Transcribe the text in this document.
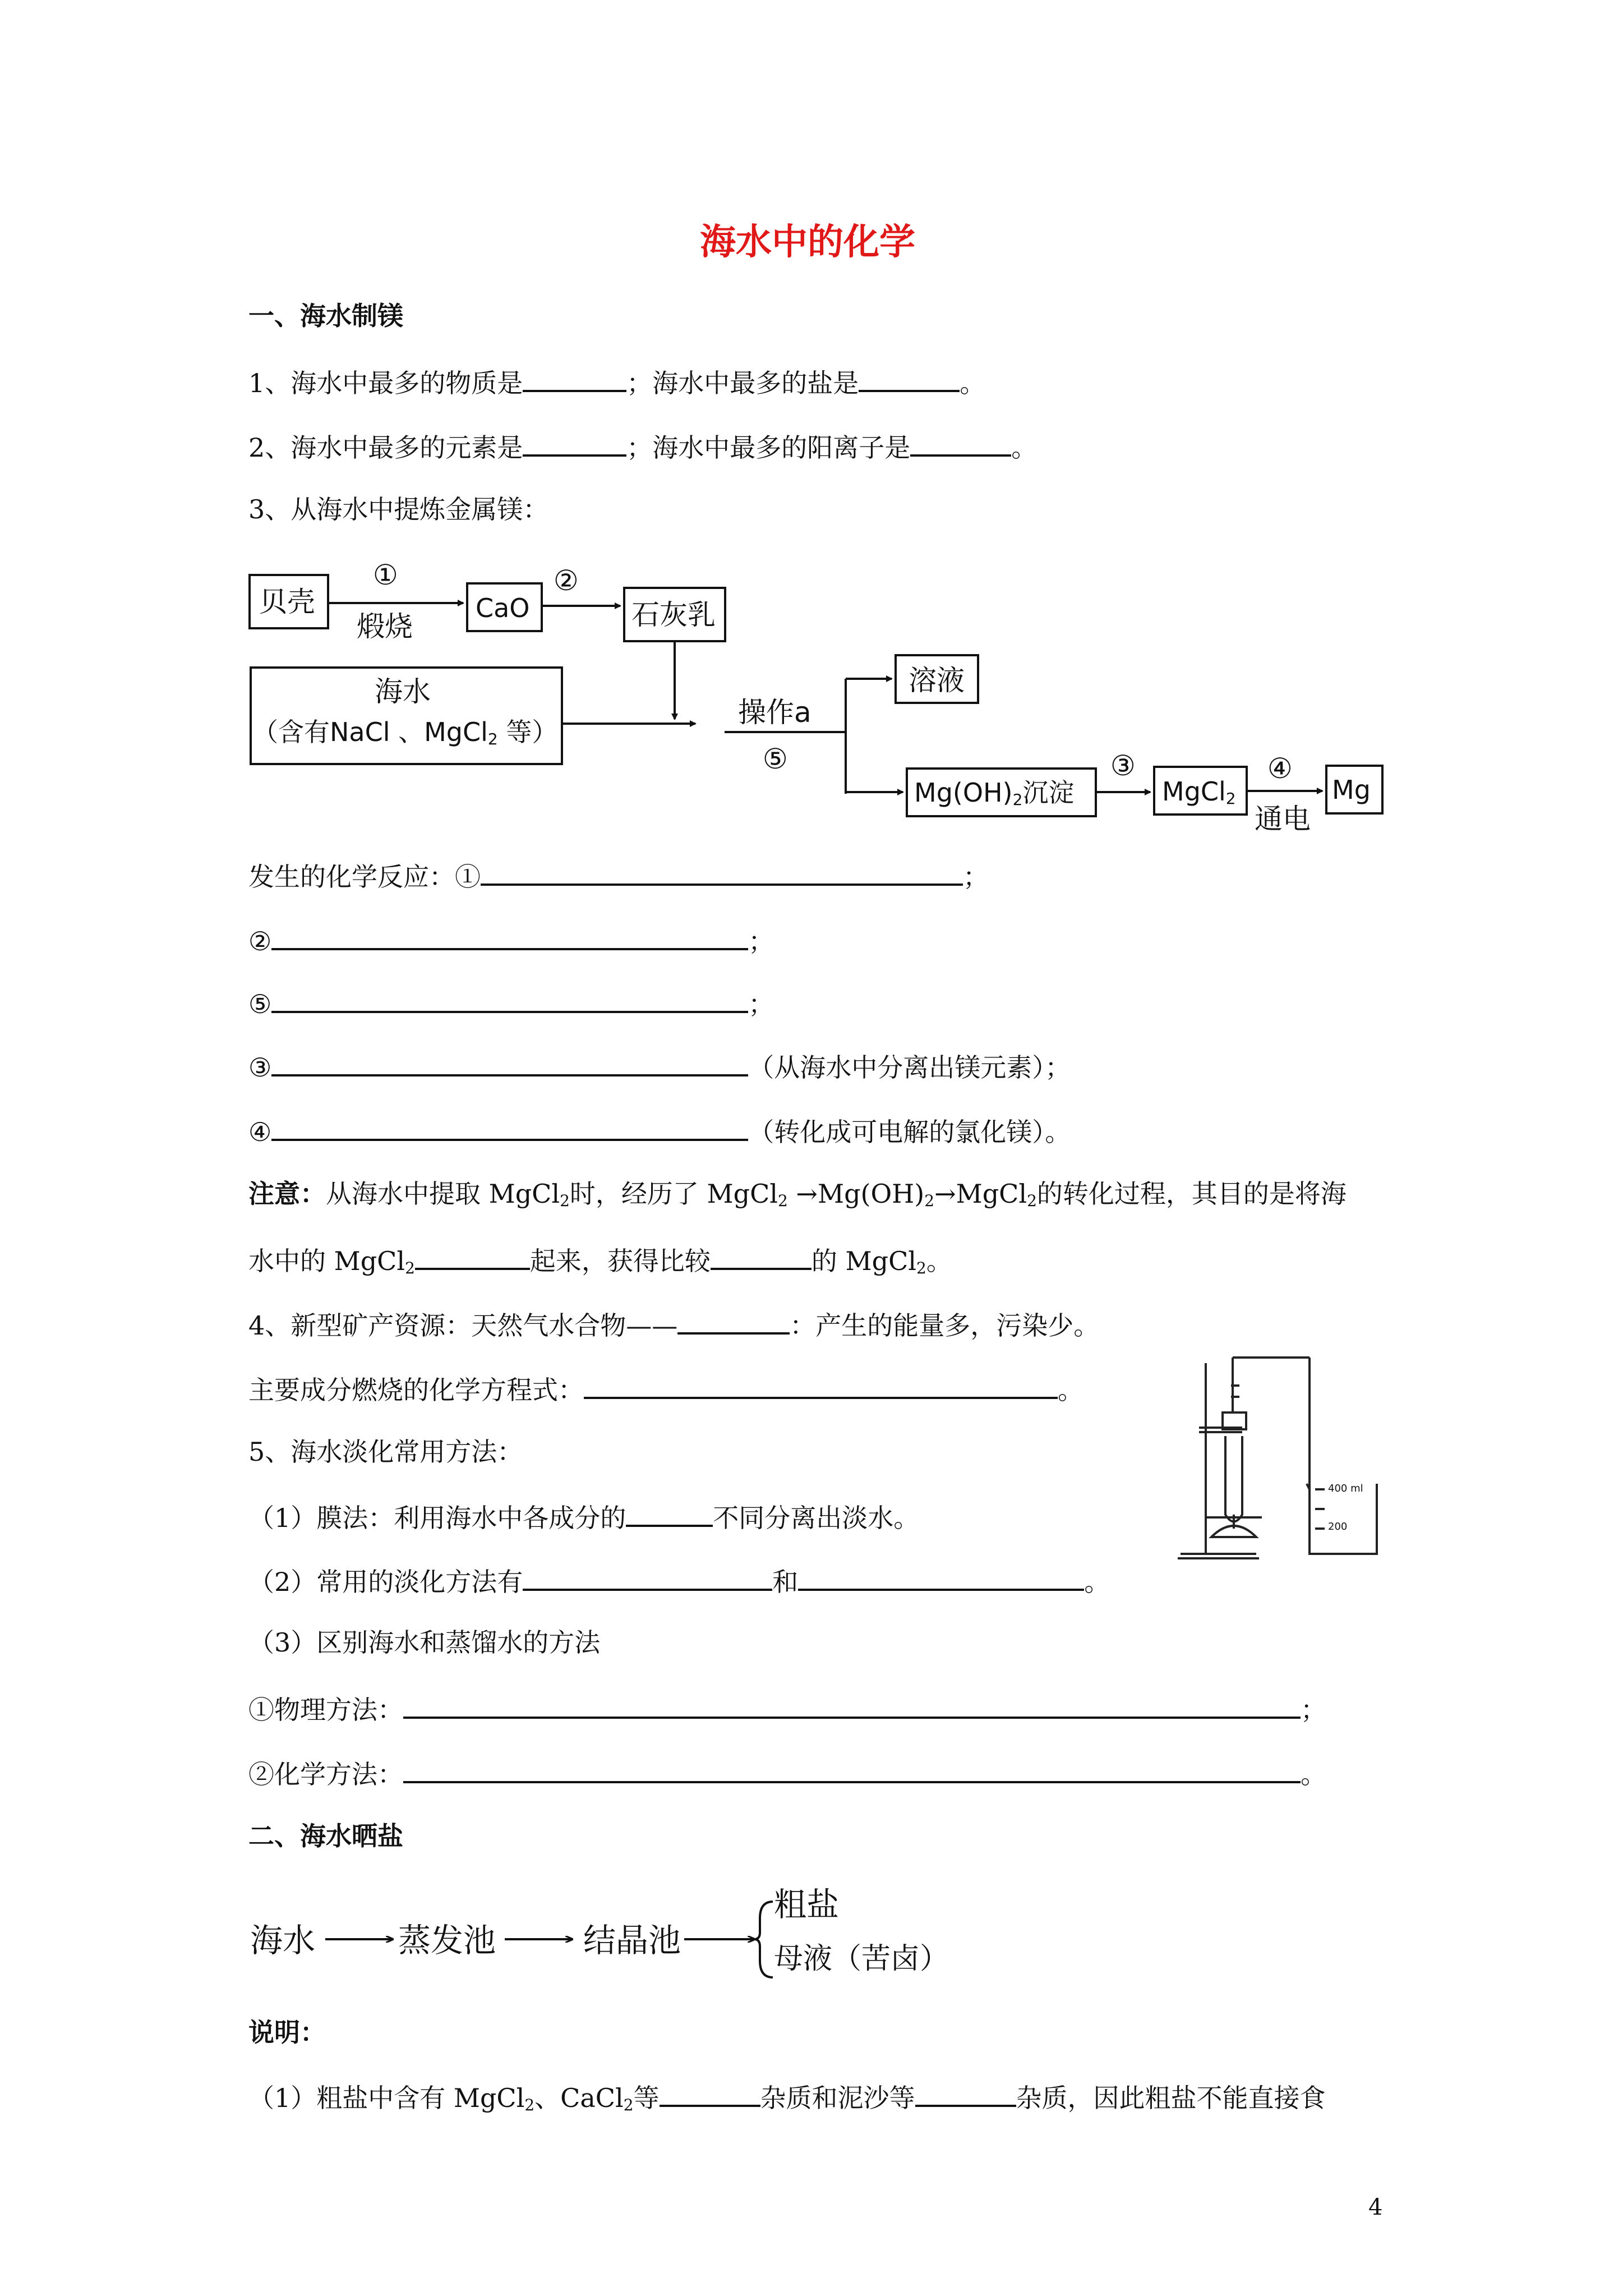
海水中的化学
一、海水制镁
1、海水中最多的物质是	；海水中最多的盐是	。
2、海水中最多的元素是	；海水中最多的阳离子是	。
3、从海水中提炼金属镁：
贝壳
①
煅烧
CaO
②
石灰乳
海水
（含有NaCl 、MgCl$_2$ 等）
操作a
⑤
溶液
$Mg(OH)_2$沉淀
③
MgCl$_2$
④
通电
Mg
发生的化学反应：①	；
②	；
⑤	；
③	（从海水中分离出镁元素）；
④	（转化成可电解的氯化镁）。
注意：从海水中提取 MgCl$_2$时，经历了 MgCl$_2$ $\to Mg(OH)_2\to MgCl_2$的转化过程，其目的是将海
水中的 MgCl$_2$	起来，获得比较	的 MgCl$_2$。
4、新型矿产资源：天然气水合物——	：产生的能量多，污染少。
主要成分燃烧的化学方程式：	。
5、海水淡化常用方法：
（1）膜法：利用海水中各成分的	不同分离出淡水。
（2）常用的淡化方法有	和	。
（3）区别海水和蒸馏水的方法
①物理方法：	；
②化学方法：	。
400 ml
200
二、海水晒盐
海水	蒸发池	结晶池
粗盐
母液（苦卤）
说明：
（1）粗盐中含有 MgCl$_2$、CaCl$_2$等	杂质和泥沙等	杂质，因此粗盐不能直接食
4
